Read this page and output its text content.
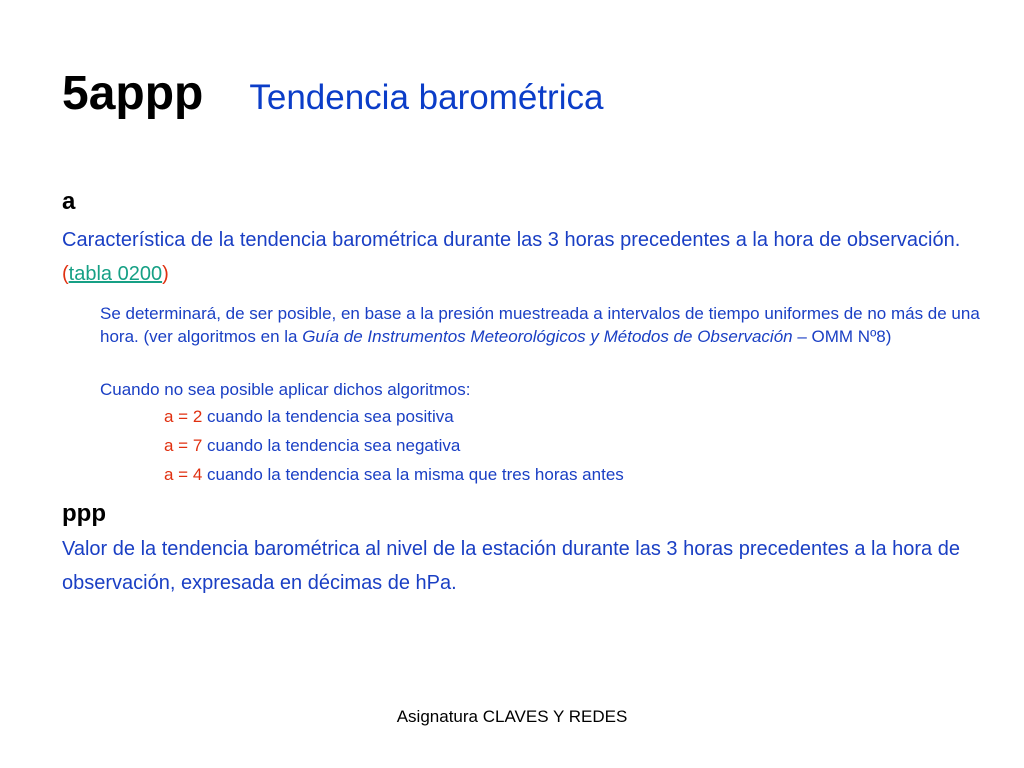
5appp Tendencia barométrica
a
Característica de la tendencia barométrica durante las 3 horas precedentes a la hora de observación. (tabla 0200)
Se determinará, de ser posible, en base a la presión muestreada a intervalos de tiempo uniformes de no más de una hora. (ver algoritmos en la Guía de Instrumentos Meteorológicos y Métodos de Observación – OMM Nº8)
Cuando no sea posible aplicar dichos algoritmos:
a = 2 cuando la tendencia sea positiva
a = 7 cuando la tendencia sea negativa
a = 4 cuando la tendencia sea la misma que tres horas antes
ppp
Valor de la tendencia barométrica al nivel de la estación durante las 3 horas precedentes a la hora de observación, expresada en décimas de hPa.
Asignatura CLAVES Y REDES
